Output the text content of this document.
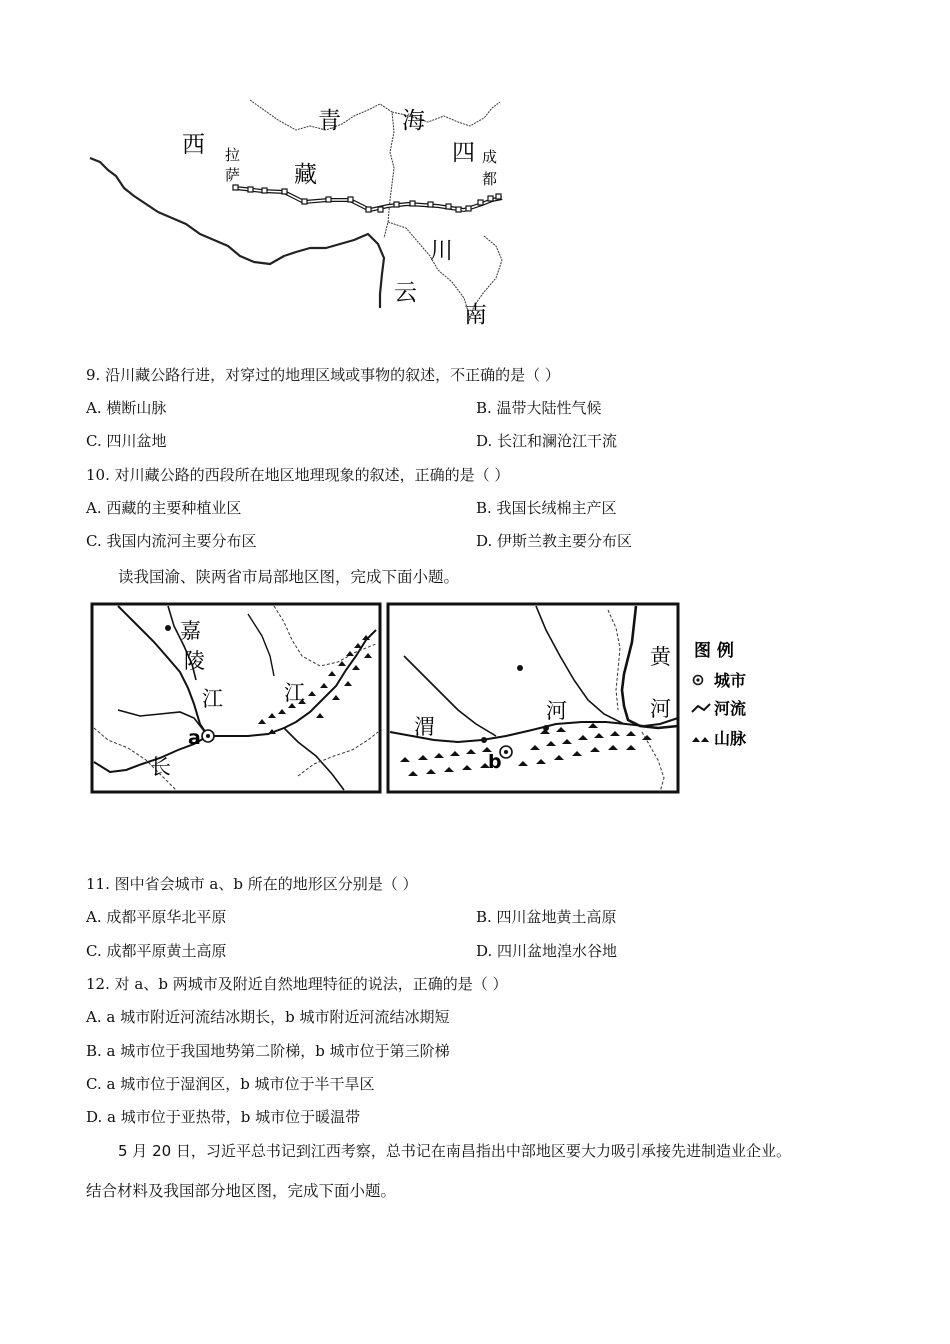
西
藏
青	海
四
川
云
南
拉
萨
成
都
9. 沿川藏公路行进，对穿过的地理区域或事物的叙述，不正确的是（ ）
A. 横断山脉	B. 温带大陆性气候
C. 四川盆地	D. 长江和澜沧江干流
10. 对川藏公路的西段所在地区地理现象的叙述，正确的是（ ）
A. 西藏的主要种植业区	B. 我国长绒棉主产区
C. 我国内流河主要分布区	D. 伊斯兰教主要分布区
读我国渝、陕两省市局部地区图，完成下面小题。
嘉
陵
江	江
长
a	渭
河
黄
河
b
图 例
城市
河流
山脉
11. 图中省会城市 a、b 所在的地形区分别是（ ）
A. 成都平原华北平原	B. 四川盆地黄土高原
C. 成都平原黄土高原	D. 四川盆地湟水谷地
12. 对 a、b 两城市及附近自然地理特征的说法，正确的是（ ）
A. a 城市附近河流结冰期长，b 城市附近河流结冰期短
B. a 城市位于我国地势第二阶梯，b 城市位于第三阶梯
C. a 城市位于湿润区，b 城市位于半干旱区
D. a 城市位于亚热带，b 城市位于暖温带
5 月 20 日，习近平总书记到江西考察，总书记在南昌指出中部地区要大力吸引承接先进制造业企业。
结合材料及我国部分地区图，完成下面小题。
